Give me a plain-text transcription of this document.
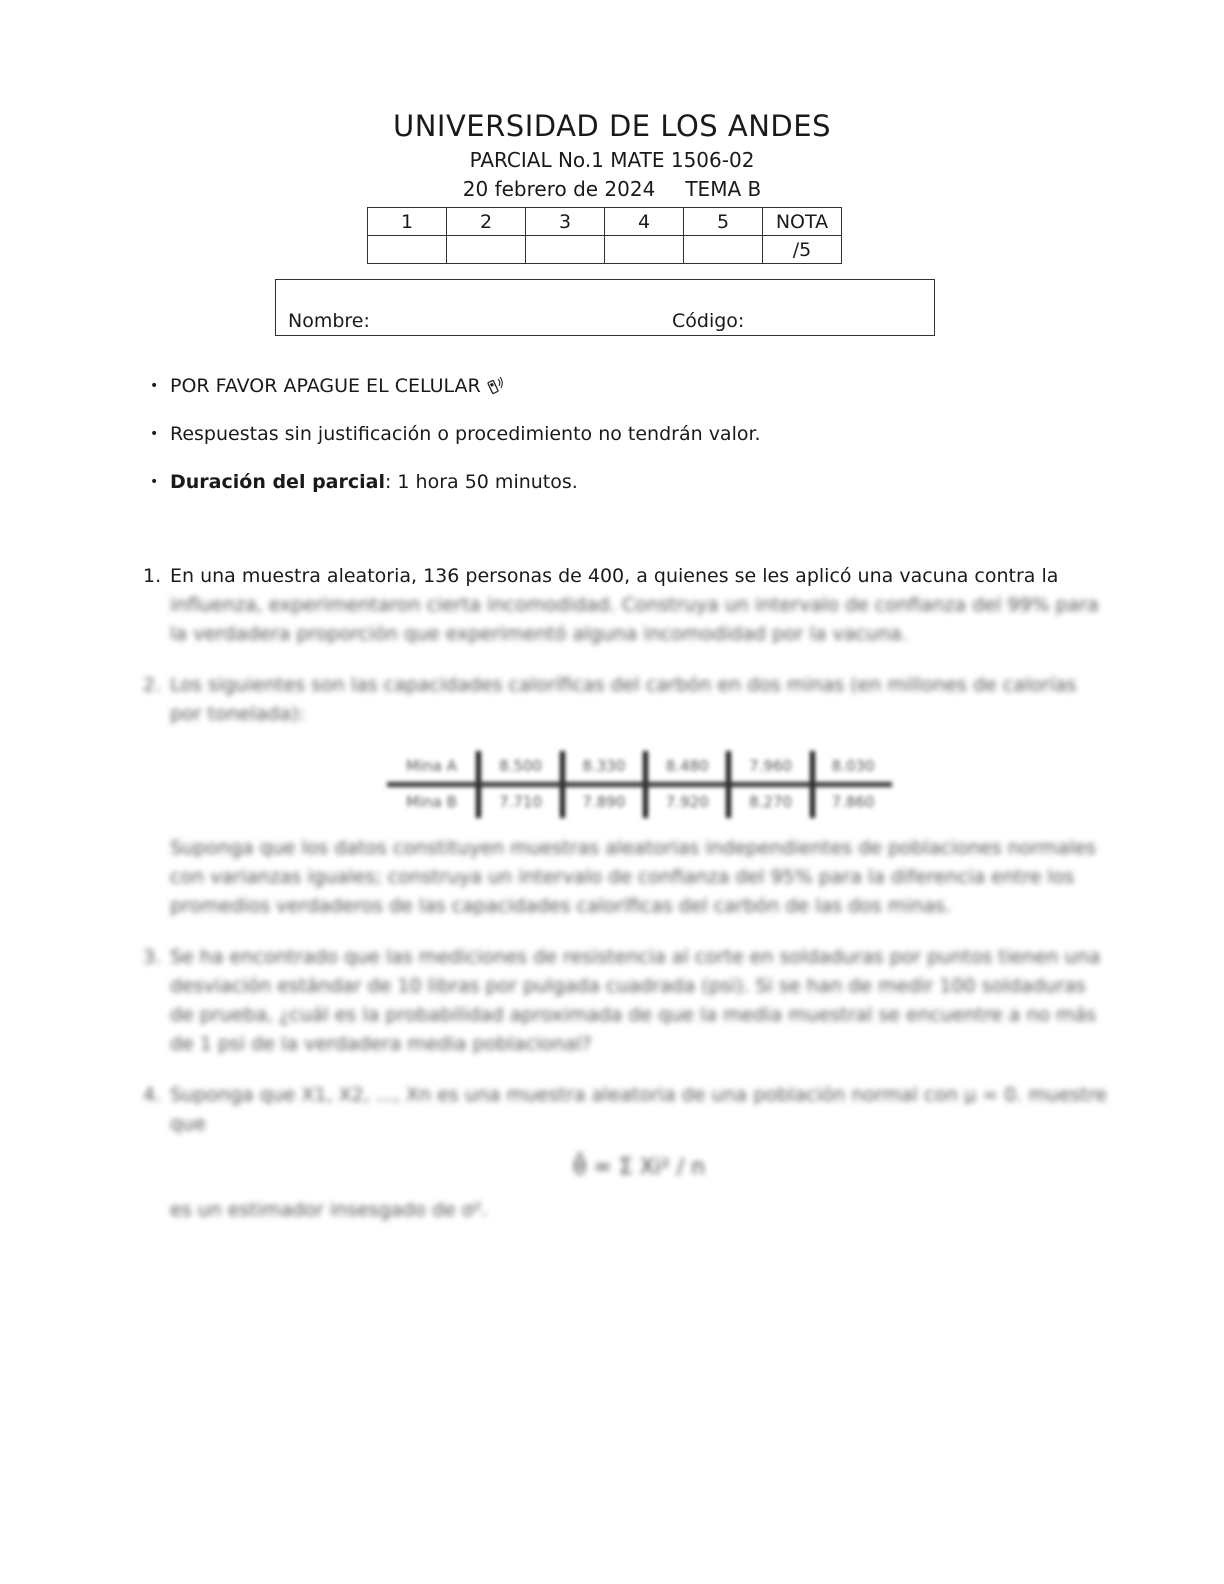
UNIVERSIDAD DE LOS ANDES
PARCIAL No.1 MATE 1506-02
20 febrero de 2024 TEMA B
1	2	3	4	5	NOTA
					/5
Nombre:	Código:
• POR FAVOR APAGUE EL CELULAR
• Respuestas sin justificación o procedimiento no tendrán valor.
• Duración del parcial: 1 hora 50 minutos.
1. En una muestra aleatoria, 136 personas de 400, a quienes se les aplicó una vacuna contra la influenza, experimentaron cierta incomodidad. Construya un intervalo de confianza del 99% para la verdadera proporción que experimentó alguna incomodidad por la vacuna.
2. Los siguientes son las capacidades caloríficas del carbón en dos minas (en millones de calorías por tonelada):
Mina A	8.500	8.330	8.480	7.960	8.030
Mina B	7.710	7.890	7.920	8.270	7.860
Suponga que los datos constituyen muestras aleatorias independientes de poblaciones normales con varianzas iguales; construya un intervalo de confianza del 95% para la diferencia entre los promedios verdaderos de las capacidades caloríficas del carbón de las dos minas.
3. Se ha encontrado que las mediciones de resistencia al corte en soldaduras por puntos tienen una desviación estándar de 10 libras por pulgada cuadrada (psi). Si se han de medir 100 soldaduras de prueba, ¿cuál es la probabilidad aproximada de que la media muestral se encuentre a no más de 1 psi de la verdadera media poblacional?
4. Suponga que X1, X2, ..., Xn es una muestra aleatoria de una población normal con μ = 0. muestre que
θ̂ = Σ Xi² / n
es un estimador insesgado de σ².
